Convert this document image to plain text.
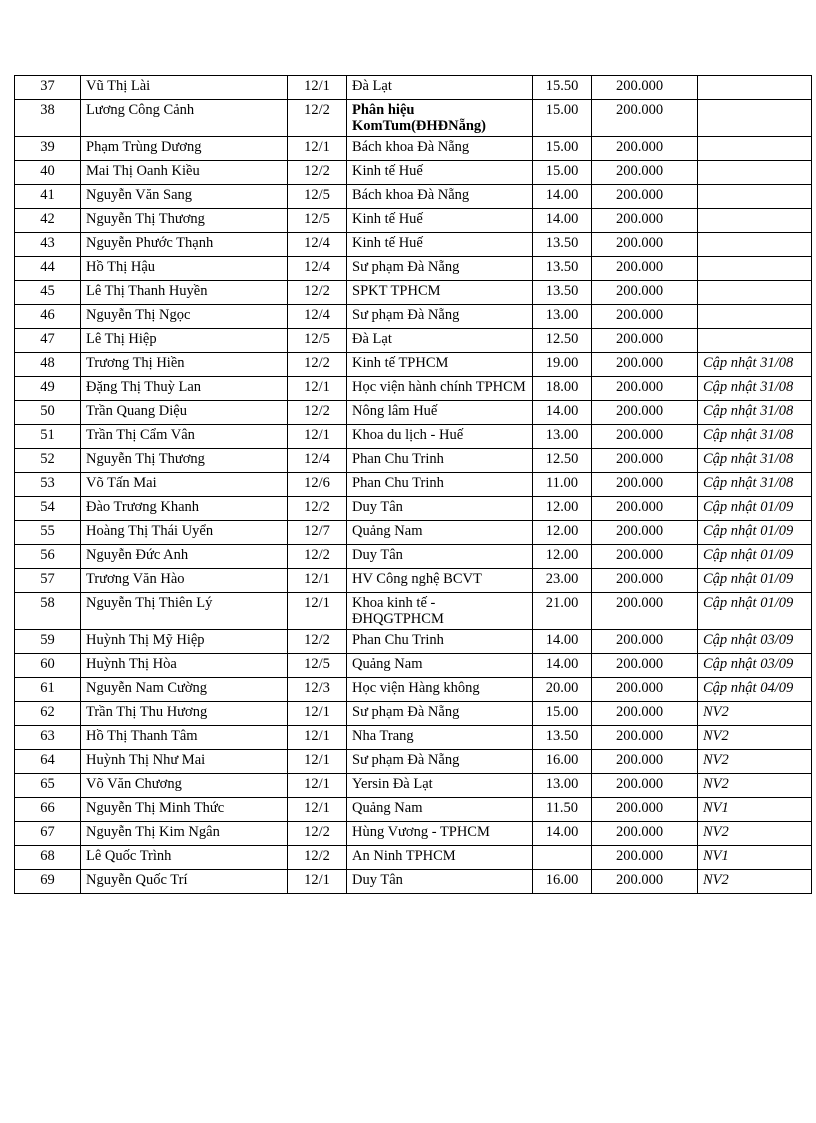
37	Vũ Thị Lài	12/1	Đà Lạt	15.50	200.000	
38	Lương Công Cảnh	12/2	Phân hiệu KomTum(ĐHĐNẵng)	15.00	200.000	
39	Phạm Trùng Dương	12/1	Bách khoa Đà Nẵng	15.00	200.000	
40	Mai Thị Oanh Kiều	12/2	Kinh tế Huế	15.00	200.000	
41	Nguyễn Văn Sang	12/5	Bách khoa Đà Nẵng	14.00	200.000	
42	Nguyễn Thị Thương	12/5	Kinh tế Huế	14.00	200.000	
43	Nguyễn Phước Thạnh	12/4	Kinh tế Huế	13.50	200.000	
44	Hồ Thị Hậu	12/4	Sư phạm Đà Nẵng	13.50	200.000	
45	Lê Thị Thanh Huyền	12/2	SPKT TPHCM	13.50	200.000	
46	Nguyễn Thị Ngọc	12/4	Sư phạm Đà Nẵng	13.00	200.000	
47	Lê Thị Hiệp	12/5	Đà Lạt	12.50	200.000	
48	Trương Thị Hiền	12/2	Kinh tế TPHCM	19.00	200.000	Cập nhật 31/08
49	Đặng Thị Thuỳ Lan	12/1	Học viện hành chính TPHCM	18.00	200.000	Cập nhật 31/08
50	Trần Quang Diệu	12/2	Nông lâm Huế	14.00	200.000	Cập nhật 31/08
51	Trần Thị Cẩm Vân	12/1	Khoa du lịch - Huế	13.00	200.000	Cập nhật 31/08
52	Nguyễn Thị Thương	12/4	Phan Chu Trinh	12.50	200.000	Cập nhật 31/08
53	Võ Tấn Mai	12/6	Phan Chu Trinh	11.00	200.000	Cập nhật 31/08
54	Đào Trương Khanh	12/2	Duy Tân	12.00	200.000	Cập nhật 01/09
55	Hoàng Thị Thái Uyển	12/7	Quảng Nam	12.00	200.000	Cập nhật 01/09
56	Nguyễn Đức Anh	12/2	Duy Tân	12.00	200.000	Cập nhật 01/09
57	Trương Văn Hào	12/1	HV Công nghệ BCVT	23.00	200.000	Cập nhật 01/09
58	Nguyễn Thị Thiên Lý	12/1	Khoa kinh tế - ĐHQGTPHCM	21.00	200.000	Cập nhật 01/09
59	Huỳnh Thị Mỹ Hiệp	12/2	Phan Chu Trinh	14.00	200.000	Cập nhật 03/09
60	Huỳnh Thị Hòa	12/5	Quảng Nam	14.00	200.000	Cập nhật 03/09
61	Nguyễn Nam Cường	12/3	Học viện Hàng không	20.00	200.000	Cập nhật 04/09
62	Trần Thị Thu Hương	12/1	Sư phạm Đà Nẵng	15.00	200.000	NV2
63	Hồ Thị Thanh Tâm	12/1	Nha Trang	13.50	200.000	NV2
64	Huỳnh Thị Như Mai	12/1	Sư phạm Đà Nẵng	16.00	200.000	NV2
65	Võ Văn Chương	12/1	Yersin Đà Lạt	13.00	200.000	NV2
66	Nguyễn Thị Minh Thức	12/1	Quảng Nam	11.50	200.000	NV1
67	Nguyễn Thị Kim Ngân	12/2	Hùng Vương - TPHCM	14.00	200.000	NV2
68	Lê Quốc Trình	12/2	An Ninh TPHCM		200.000	NV1
69	Nguyễn Quốc Trí	12/1	Duy Tân	16.00	200.000	NV2
